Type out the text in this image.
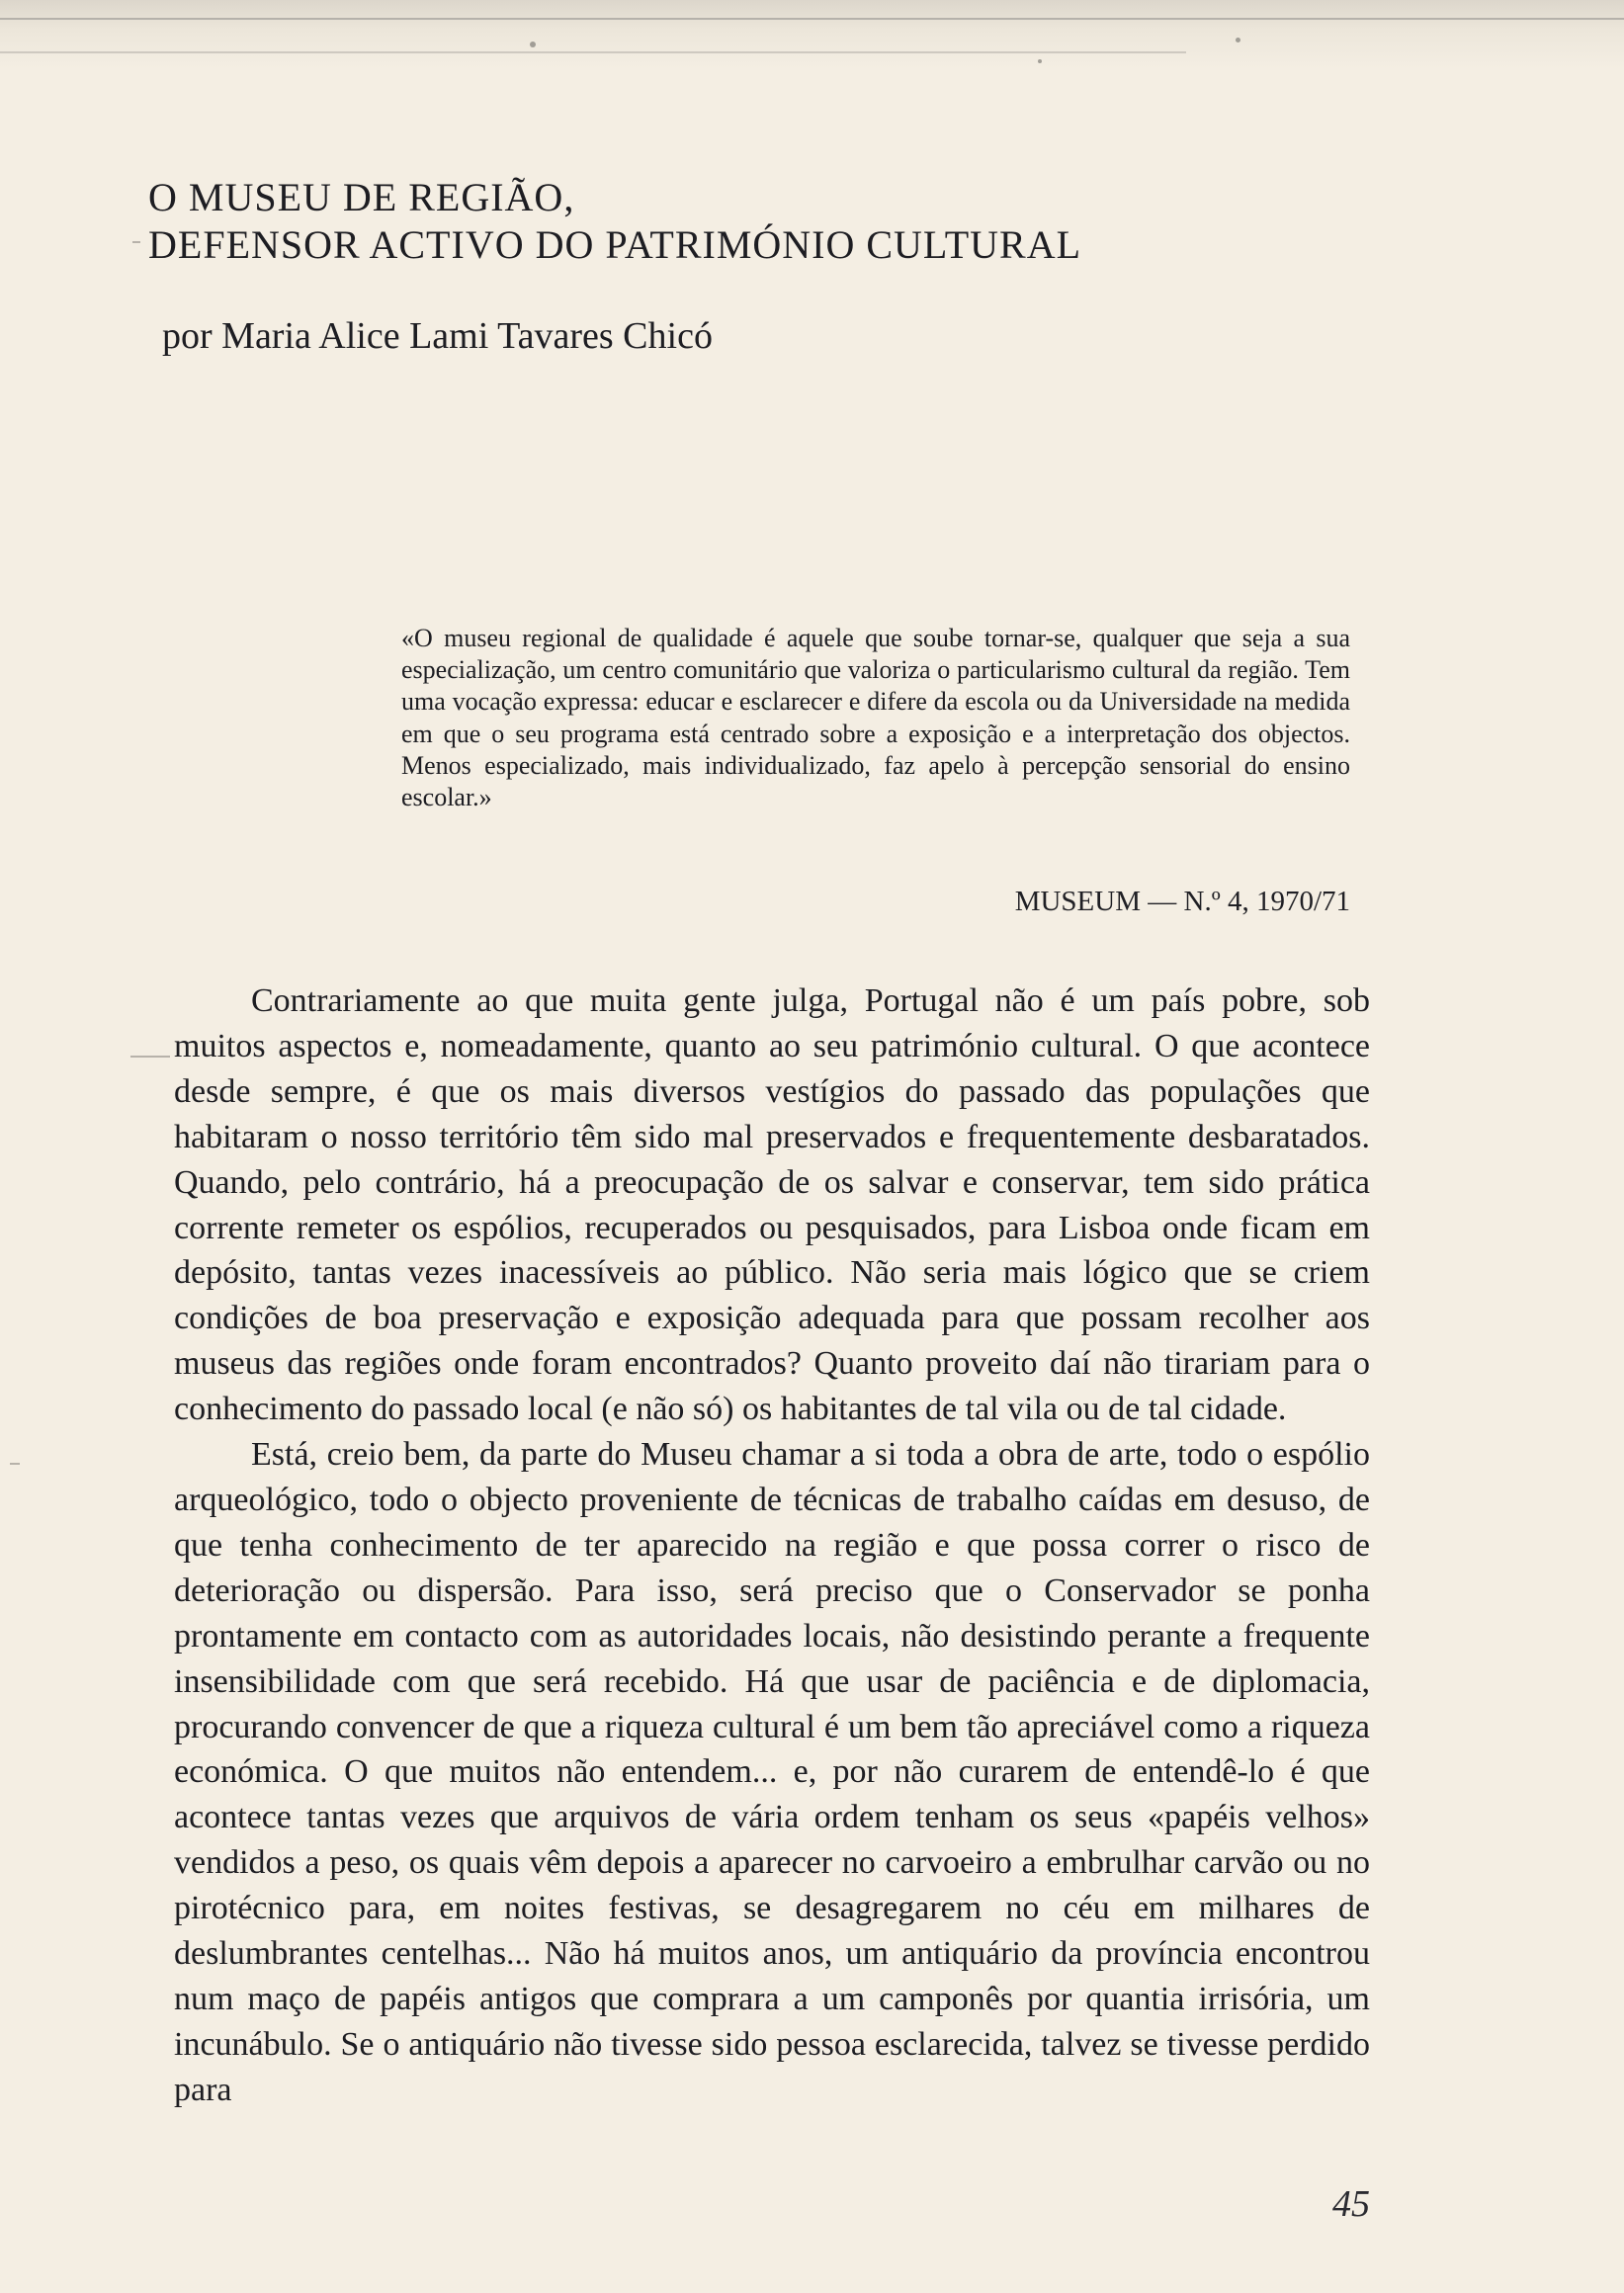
O MUSEU DE REGIÃO,
DEFENSOR ACTIVO DO PATRIMÓNIO CULTURAL
por Maria Alice Lami Tavares Chicó

«O museu regional de qualidade é aquele que soube tornar-se, qualquer que seja a sua especialização, um centro comunitário que valoriza o particularismo cultural da região. Tem uma vocação expressa: educar e esclarecer e difere da escola ou da Universidade na medida em que o seu programa está centrado sobre a exposição e a interpretação dos objectos. Menos especializado, mais individualizado, faz apelo à percepção sensorial do ensino escolar.»

MUSEUM — N.º 4, 1970/71

Contrariamente ao que muita gente julga, Portugal não é um país pobre, sob muitos aspectos e, nomeadamente, quanto ao seu património cultural. O que acontece desde sempre, é que os mais diversos vestígios do passado das populações que habitaram o nosso território têm sido mal preservados e frequentemente desbaratados. Quando, pelo contrário, há a preocupação de os salvar e conservar, tem sido prática corrente remeter os espólios, recuperados ou pesquisados, para Lisboa onde ficam em depósito, tantas vezes inacessíveis ao público. Não seria mais lógico que se criem condições de boa preservação e exposição adequada para que possam recolher aos museus das regiões onde foram encontrados? Quanto proveito daí não tirariam para o conhecimento do passado local (e não só) os habitantes de tal vila ou de tal cidade.

Está, creio bem, da parte do Museu chamar a si toda a obra de arte, todo o espólio arqueológico, todo o objecto proveniente de técnicas de trabalho caídas em desuso, de que tenha conhecimento de ter aparecido na região e que possa correr o risco de deterioração ou dispersão. Para isso, será preciso que o Conservador se ponha prontamente em contacto com as autoridades locais, não desistindo perante a frequente insensibilidade com que será recebido. Há que usar de paciência e de diplomacia, procurando convencer de que a riqueza cultural é um bem tão apreciável como a riqueza económica. O que muitos não entendem... e, por não curarem de entendê-lo é que acontece tantas vezes que arquivos de vária ordem tenham os seus «papéis velhos» vendidos a peso, os quais vêm depois a aparecer no carvoeiro a embrulhar carvão ou no pirotécnico para, em noites festivas, se desagregarem no céu em milhares de deslumbrantes centelhas... Não há muitos anos, um antiquário da província encontrou num maço de papéis antigos que comprara a um camponês por quantia irrisória, um incunábulo. Se o antiquário não tivesse sido pessoa esclarecida, talvez se tivesse perdido para

45
